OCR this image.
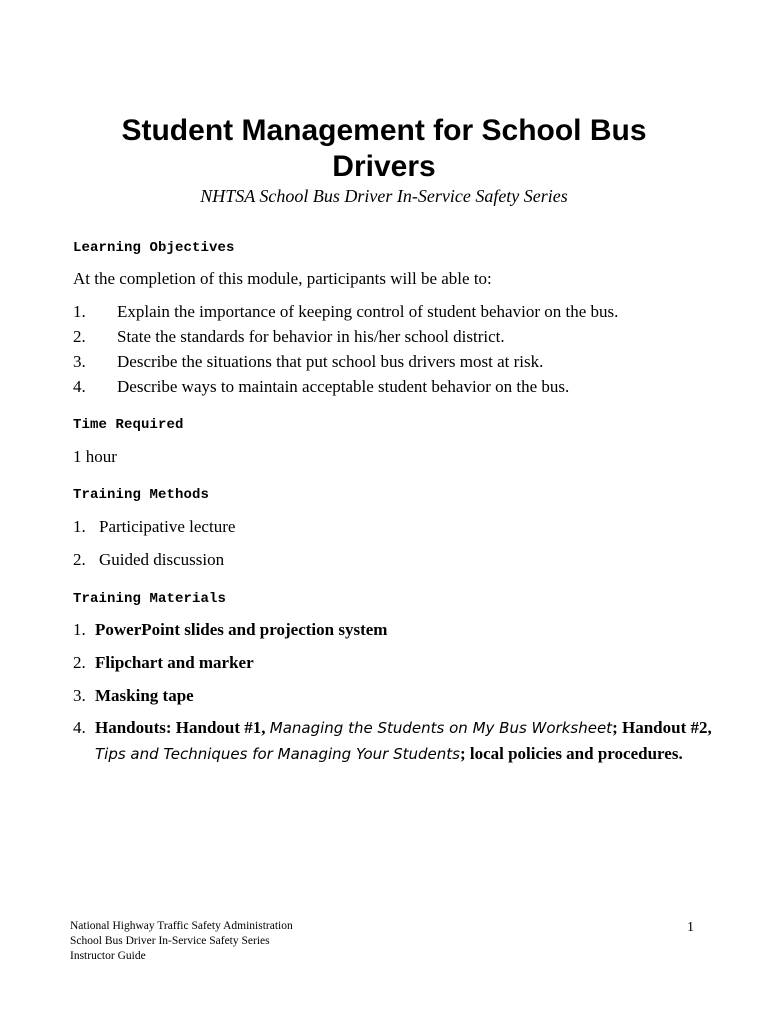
Student Management for School Bus Drivers

NHTSA School Bus Driver In-Service Safety Series

Learning Objectives

At the completion of this module, participants will be able to:

1. Explain the importance of keeping control of student behavior on the bus.
2. State the standards for behavior in his/her school district.
3. Describe the situations that put school bus drivers most at risk.
4. Describe ways to maintain acceptable student behavior on the bus.
Time Required

1 hour

Training Methods
1. Participative lecture
2. Guided discussion
Training Materials
1. PowerPoint slides and projection system
2. Flipchart and marker
3. Masking tape
4. Handouts: Handout #1, Managing the Students on My Bus Worksheet; Handout #2,
Tips and Techniques for Managing Your Students; local policies and procedures.
National Highway Traffic Safety Administration
School Bus Driver In-Service Safety Series
Instructor Guide
1
